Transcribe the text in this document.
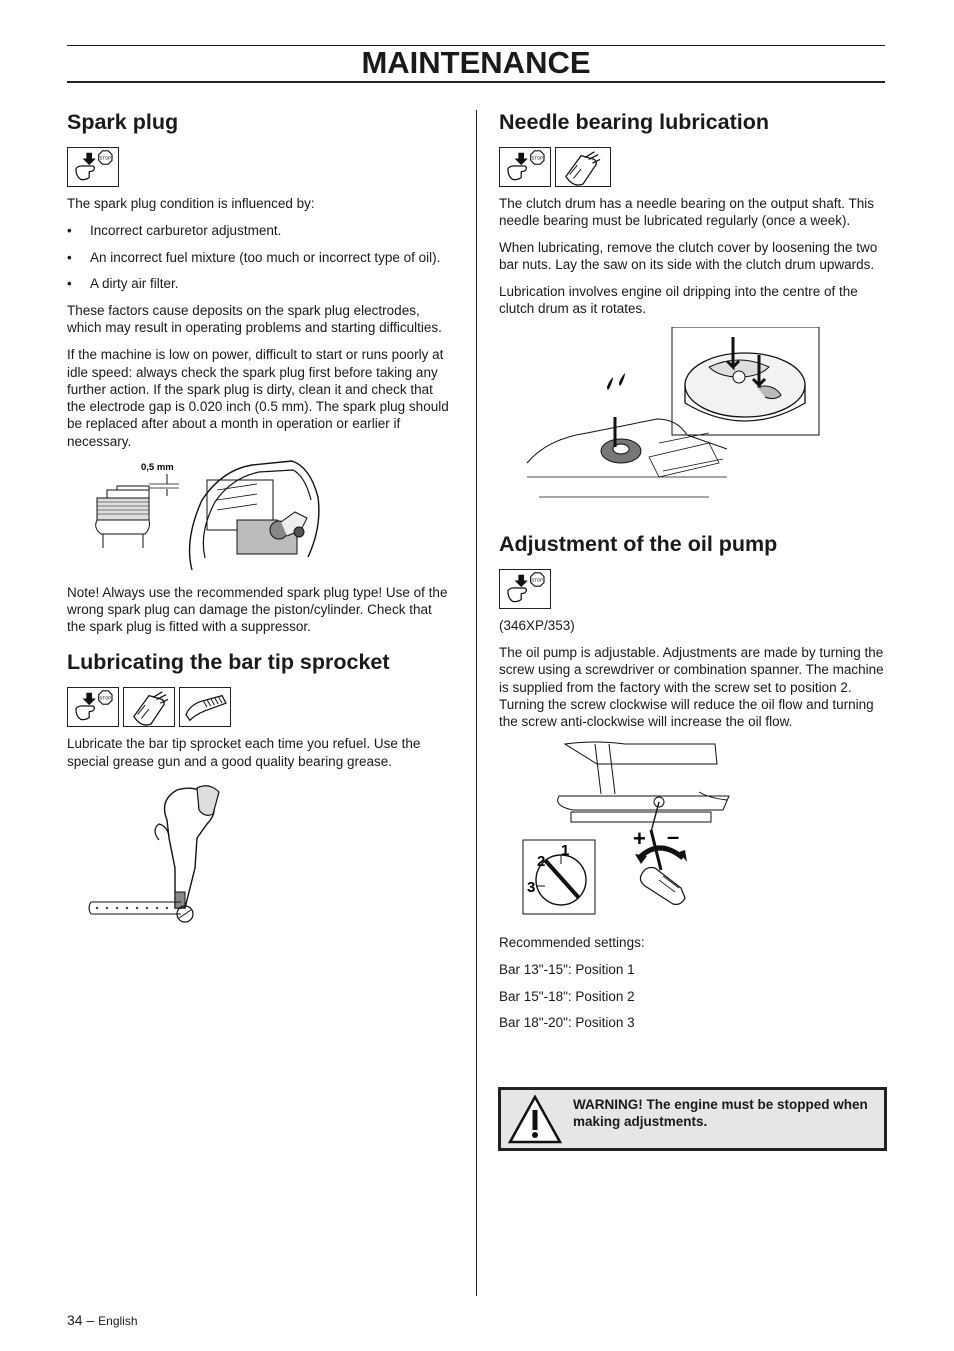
MAINTENANCE
Spark plug
STOP

The spark plug condition is influenced by:

• Incorrect carburetor adjustment.
• An incorrect fuel mixture (too much or incorrect type of oil).
• A dirty air filter.

These factors cause deposits on the spark plug electrodes, which may result in operating problems and starting difficulties.

If the machine is low on power, difficult to start or runs poorly at idle speed: always check the spark plug first before taking any further action. If the spark plug is dirty, clean it and check that the electrode gap is 0.020 inch (0.5 mm). The spark plug should be replaced after about a month in operation or earlier if necessary.

0,5 mm

Note! Always use the recommended spark plug type! Use of the wrong spark plug can damage the piston/cylinder. Check that the spark plug is fitted with a suppressor.

Lubricating the bar tip sprocket
STOP

Lubricate the bar tip sprocket each time you refuel. Use the special grease gun and a good quality bearing grease.

Needle bearing lubrication
STOP

The clutch drum has a needle bearing on the output shaft. This needle bearing must be lubricated regularly (once a week).

When lubricating, remove the clutch cover by loosening the two bar nuts. Lay the saw on its side with the clutch drum upwards.

Lubrication involves engine oil dripping into the centre of the clutch drum as it rotates.

Adjustment of the oil pump
STOP

(346XP/353)

The oil pump is adjustable. Adjustments are made by turning the screw using a screwdriver or combination spanner. The machine is supplied from the factory with the screw set to position 2. Turning the screw clockwise will reduce the oil flow and turning the screw anti-clockwise will increase the oil flow.

1
2
3
+ –

Recommended settings:

Bar 13"-15": Position 1

Bar 15"-18": Position 2

Bar 18"-20": Position 3

WARNING! The engine must be stopped when making adjustments.
34 – English
